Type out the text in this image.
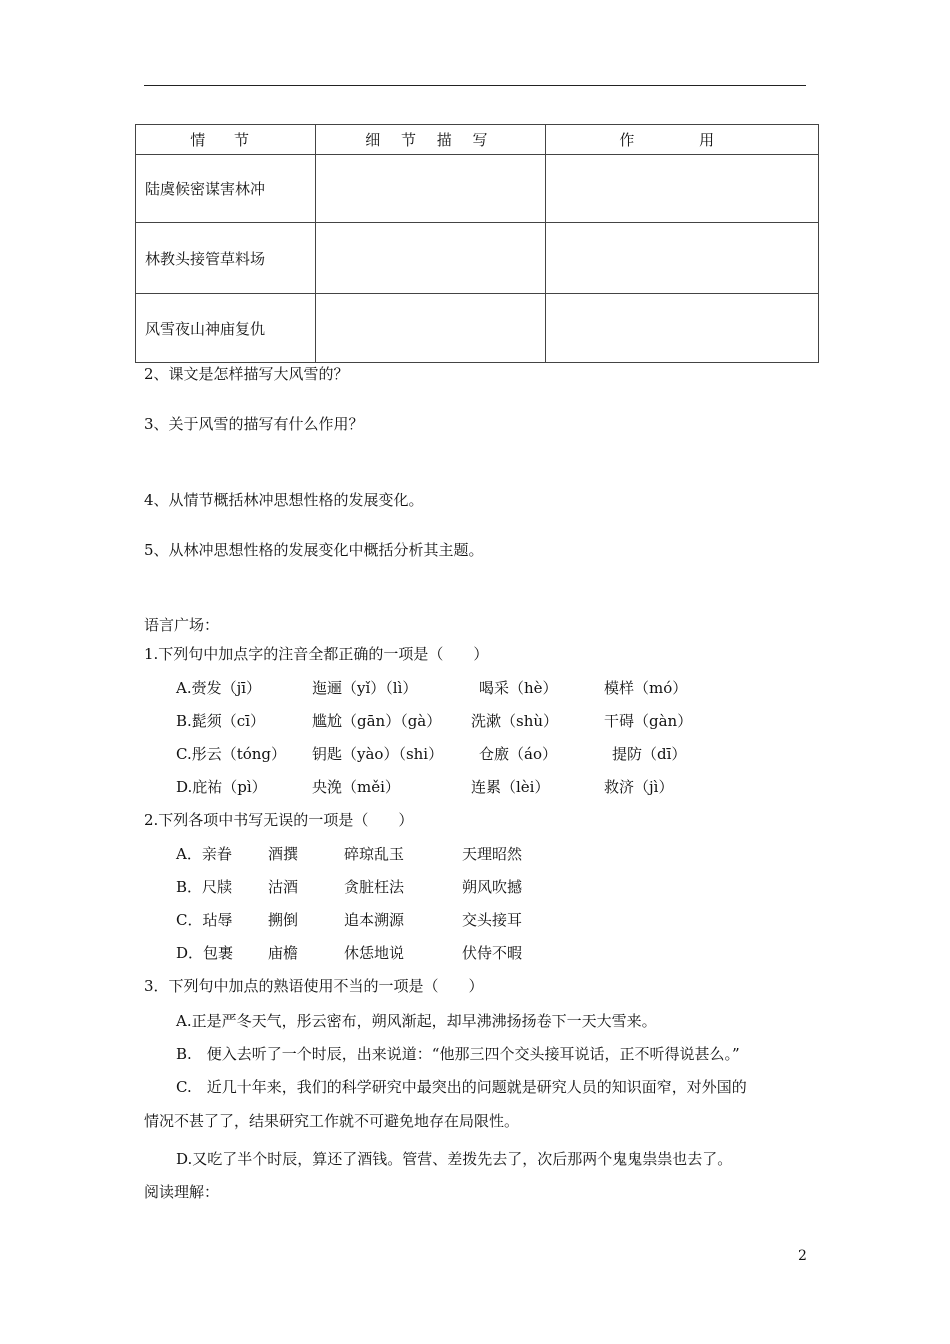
情 节	细 节 描 写	作 用
陆虞候密谋害林冲		
林教头接管草料场		
风雪夜山神庙复仇		
2、课文是怎样描写大风雪的？
3、关于风雪的描写有什么作用？
4、从情节概括林冲思想性格的发展变化。
5、从林冲思想性格的发展变化中概括分析其主题。
语言广场：
1.下列句中加点字的注音全都正确的一项是（　　）
A.赍发（jī）	迤逦（yǐ）（lì）	喝采（hè）	模样（mó）
B.髭须（cī）	尴尬（gān）（gà） 洗漱（shù）	干碍（gàn）
C.彤云（tóng） 钥匙（yào）（shi） 仓廒（áo）	提防（dī）
D.庇祐（pì）	央浼（měi）	连累（lèi）	救济（jì）
2.下列各项中书写无误的一项是（　　）
A．亲眷 酒撰	碎琼乱玉	天理昭然
B．尺牍 沽酒	贪脏枉法	朔风吹撼
C．玷辱 搠倒	追本溯源	交头接耳
D．包裹 庙檐	休恁地说	伏侍不暇
3．下列句中加点的熟语使用不当的一项是（　　）
A.正是严冬天气，彤云密布，朔风渐起，却早沸沸扬扬卷下一天大雪来。
B.　便入去听了一个时辰，出来说道：“他那三四个交头接耳说话，正不听得说甚么。”
C.　近几十年来，我们的科学研究中最突出的问题就是研究人员的知识面窄，对外国的
情况不甚了了，结果研究工作就不可避免地存在局限性。
D.又吃了半个时辰，算还了酒钱。管营、差拨先去了，次后那两个鬼鬼祟祟也去了。
阅读理解：
2
